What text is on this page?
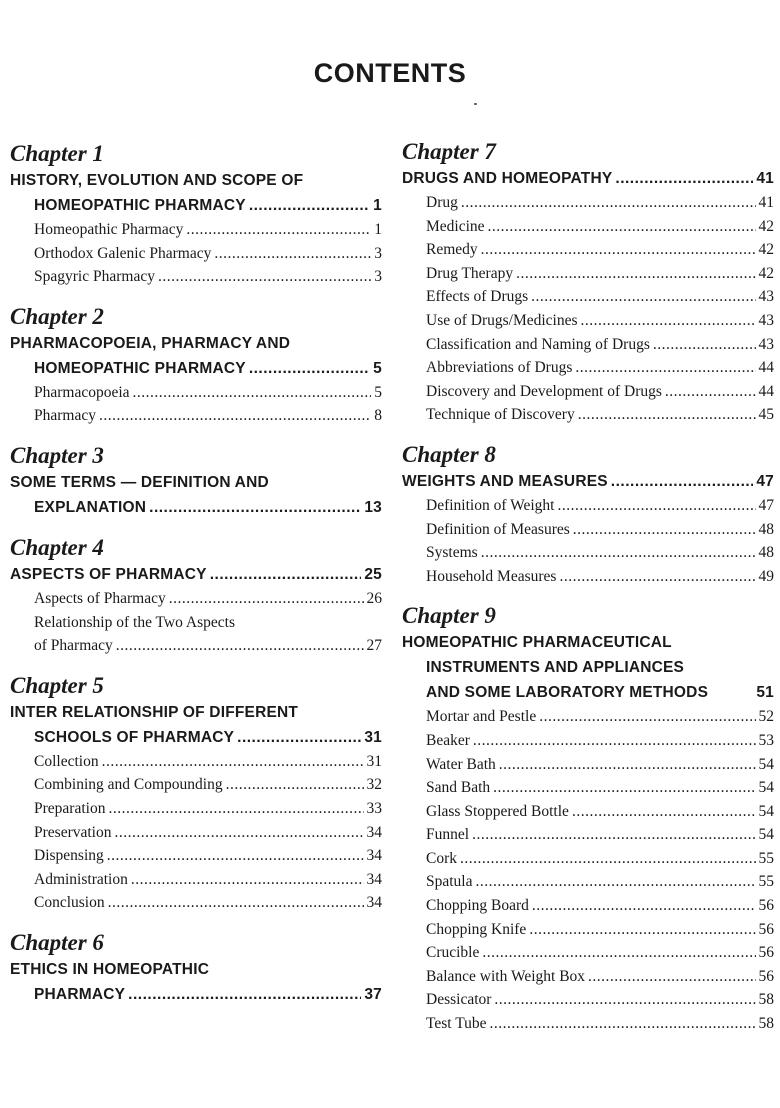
CONTENTS
Chapter 1
HISTORY, EVOLUTION AND SCOPE OF
HOMEOPATHIC PHARMACY .....	1
Homeopathic Pharmacy .....	1
Orthodox Galenic Pharmacy .....	3
Spagyric Pharmacy .....	3
Chapter 2
PHARMACOPOEIA, PHARMACY AND
HOMEOPATHIC PHARMACY .....	5
Pharmacopoeia .....	5
Pharmacy .....	8
Chapter 3
SOME TERMS — DEFINITION AND
EXPLANATION .....	13
Chapter 4
ASPECTS OF PHARMACY .....	25
Aspects of Pharmacy .....	26
Relationship of the Two Aspects
of Pharmacy .....	27
Chapter 5
INTER RELATIONSHIP OF DIFFERENT
SCHOOLS OF PHARMACY .....	31
Collection .....	31
Combining and Compounding .....	32
Preparation .....	33
Preservation .....	34
Dispensing .....	34
Administration .....	34
Conclusion .....	34
Chapter 6
ETHICS IN HOMEOPATHIC
PHARMACY .....	37
Chapter 7
DRUGS AND HOMEOPATHY .....	41
Drug .....	41
Medicine .....	42
Remedy .....	42
Drug Therapy .....	42
Effects of Drugs .....	43
Use of Drugs/Medicines .....	43
Classification and Naming of Drugs .....	43
Abbreviations of Drugs .....	44
Discovery and Development of Drugs .....	44
Technique of Discovery .....	45
Chapter 8
WEIGHTS AND MEASURES .....	47
Definition of Weight .....	47
Definition of Measures .....	48
Systems .....	48
Household Measures .....	49
Chapter 9
HOMEOPATHIC PHARMACEUTICAL
INSTRUMENTS AND APPLIANCES
AND SOME LABORATORY METHODS	51
Mortar and Pestle .....	52
Beaker .....	53
Water Bath .....	54
Sand Bath .....	54
Glass Stoppered Bottle .....	54
Funnel .....	54
Cork .....	55
Spatula .....	55
Chopping Board .....	56
Chopping Knife .....	56
Crucible .....	56
Balance with Weight Box .....	56
Dessicator .....	58
Test Tube .....	58
